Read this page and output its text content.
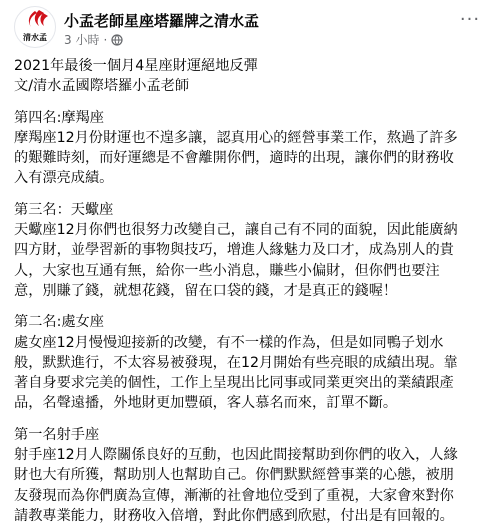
清水孟
小孟老師星座塔羅牌之清水孟
3 小時 ·
···

2021年最後一個月4星座財運絕地反彈

文/清水孟國際塔羅小孟老師

第四名:摩羯座

摩羯座12月份財運也不遑多讓，認真用心的經營事業工作，熬過了許多

的艱難時刻，而好運總是不會離開你們，適時的出現，讓你們的財務收

入有漂亮成績。

第三名：天蠍座

天蠍座12月你們也很努力改變自己，讓自己有不同的面貌，因此能廣納

四方財，並學習新的事物與技巧，增進人緣魅力及口才，成為別人的貴

人，大家也互通有無，給你一些小消息，賺些小偏財，但你們也要注

意，別賺了錢，就想花錢，留在口袋的錢，才是真正的錢喔！

第二名:處女座

處女座12月慢慢迎接新的改變，有不一樣的作為，但是如同鴨子划水

般，默默進行，不太容易被發現，在12月開始有些亮眼的成績出現。靠

著自身要求完美的個性，工作上呈現出比同事或同業更突出的業績跟產

品，名聲遠播，外地財更加豐碩，客人慕名而來，訂單不斷。

第一名射手座

射手座12月人際關係良好的互動，也因此間接幫助到你們的收入，人緣

財也大有所獲，幫助別人也幫助自己。你們默默經營事業的心態，被朋

友發現而為你們廣為宣傳，漸漸的社會地位受到了重視，大家會來對你

請教專業能力，財務收入倍增，對此你們感到欣慰，付出是有回報的。
